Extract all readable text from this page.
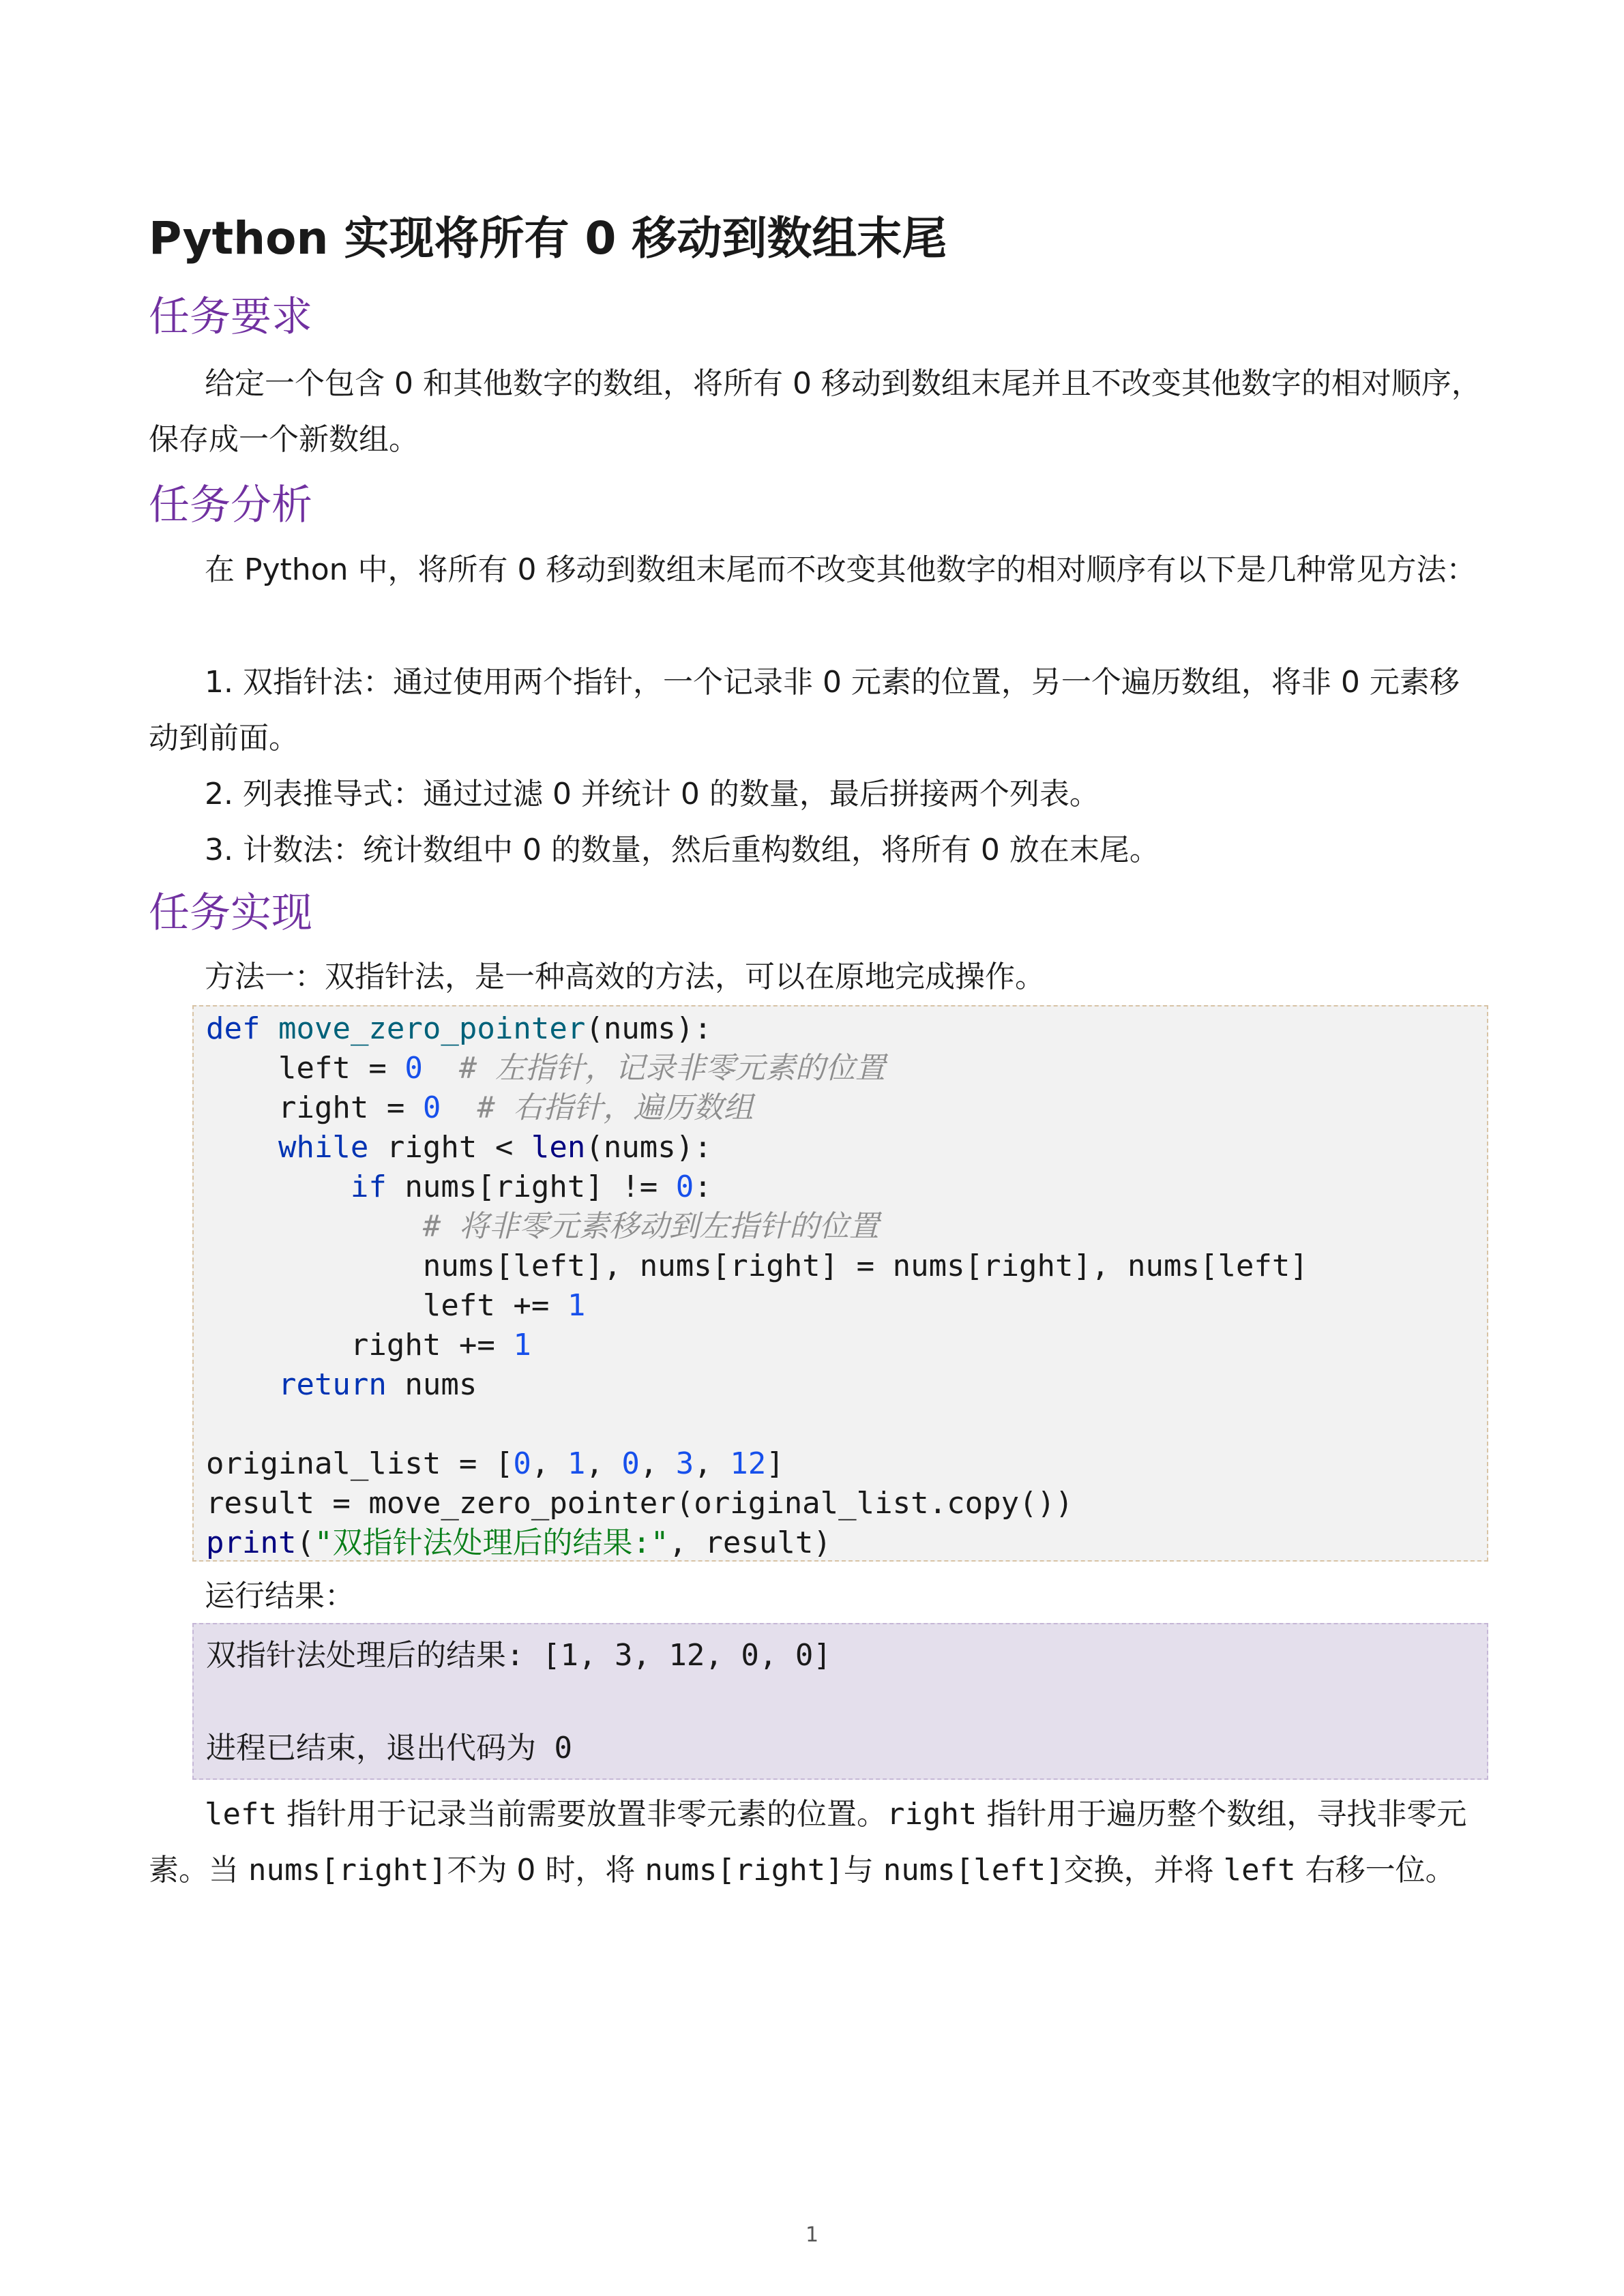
Python 实现将所有 0 移动到数组末尾
任务要求

给定一个包含 0 和其他数字的数组，将所有 0 移动到数组末尾并且不改变其他数字的相对顺序，保存成一个新数组。

任务分析

在 Python 中，将所有 0 移动到数组末尾而不改变其他数字的相对顺序有以下是几种常见方法：

1. 双指针法：通过使用两个指针，一个记录非 0 元素的位置，另一个遍历数组，将非 0 元素移动到前面。

2. 列表推导式：通过过滤 0 并统计 0 的数量，最后拼接两个列表。

3. 计数法：统计数组中 0 的数量，然后重构数组，将所有 0 放在末尾。

任务实现

方法一：双指针法，是一种高效的方法，可以在原地完成操作。

def move_zero_pointer(nums):
left = 0  # 左指针，记录非零元素的位置
right = 0  # 右指针，遍历数组
while right < len(nums):
if nums[right] != 0:
# 将非零元素移动到左指针的位置
nums[left], nums[right] = nums[right], nums[left]
left += 1
right += 1
return nums
original_list = [0, 1, 0, 3, 12]
result = move_zero_pointer(original_list.copy())
print("双指针法处理后的结果:", result)

运行结果：

双指针法处理后的结果: [1, 3, 12, 0, 0]
进程已结束，退出代码为 0

left 指针用于记录当前需要放置非零元素的位置。right 指针用于遍历整个数组，寻找非零元素。当 nums[right]不为 0 时，将 nums[right]与 nums[left]交换，并将 left 右移一位。

1
